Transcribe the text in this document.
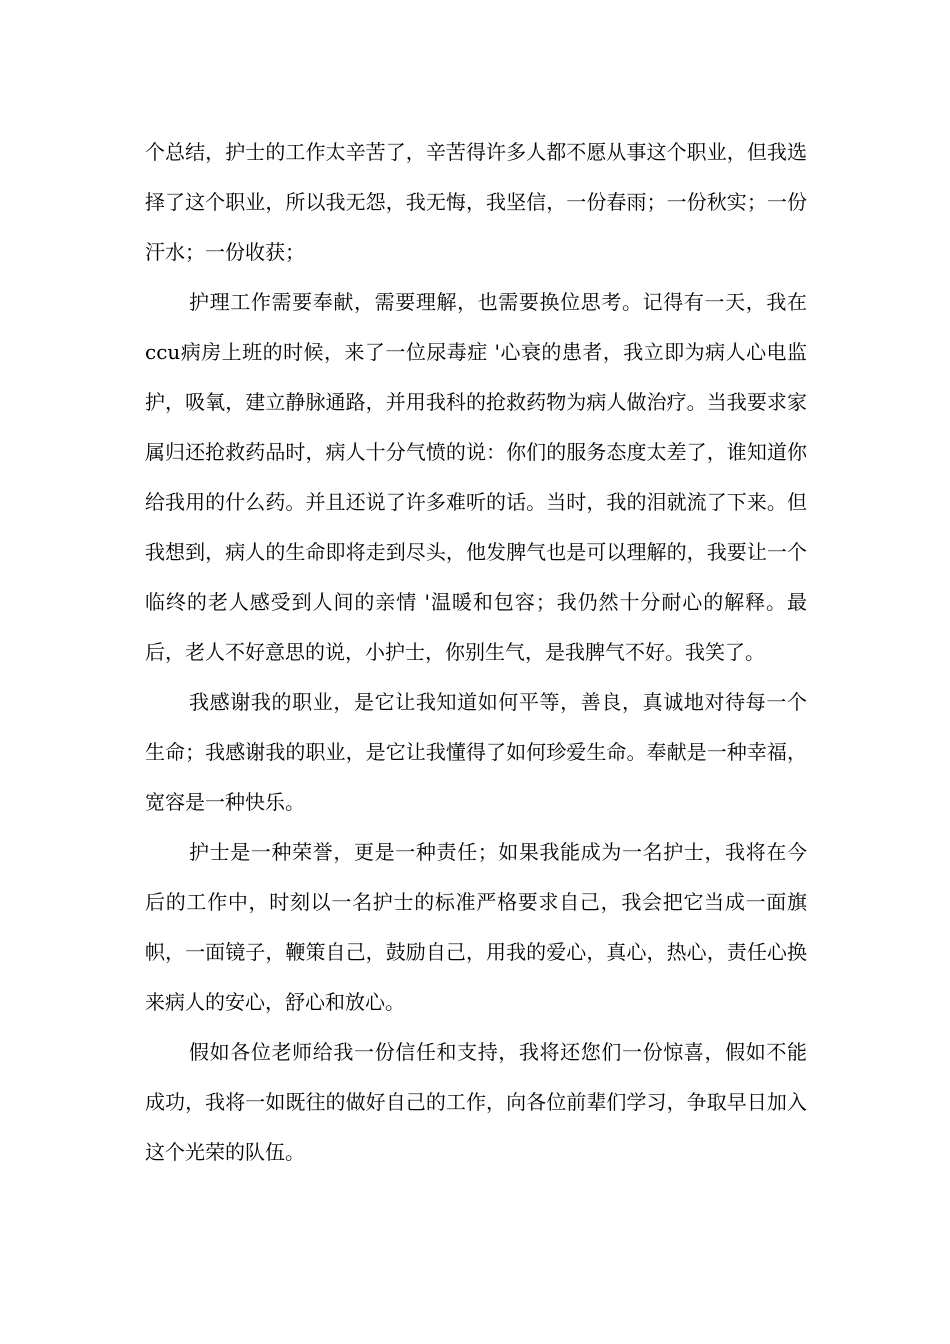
个总结，护士的工作太辛苦了，辛苦得许多人都不愿从事这个职业，但我选择了这个职业，所以我无怨，我无悔，我坚信，一份春雨；一份秋实；一份汗水；一份收获；

护理工作需要奉献，需要理解，也需要换位思考。记得有一天，我在ccu病房上班的时候，来了一位尿毒症 '心衰的患者，我立即为病人心电监护，吸氧，建立静脉通路，并用我科的抢救药物为病人做治疗。当我要求家属归还抢救药品时，病人十分气愤的说：你们的服务态度太差了，谁知道你给我用的什么药。并且还说了许多难听的话。当时，我的泪就流了下来。但我想到，病人的生命即将走到尽头，他发脾气也是可以理解的，我要让一个临终的老人感受到人间的亲情 '温暖和包容；我仍然十分耐心的解释。最后，老人不好意思的说，小护士，你别生气，是我脾气不好。我笑了。

我感谢我的职业，是它让我知道如何平等，善良，真诚地对待每一个生命；我感谢我的职业，是它让我懂得了如何珍爱生命。奉献是一种幸福，宽容是一种快乐。

护士是一种荣誉，更是一种责任；如果我能成为一名护士，我将在今后的工作中，时刻以一名护士的标准严格要求自己，我会把它当成一面旗帜，一面镜子，鞭策自己，鼓励自己，用我的爱心，真心，热心，责任心换来病人的安心，舒心和放心。

假如各位老师给我一份信任和支持，我将还您们一份惊喜，假如不能成功，我将一如既往的做好自己的工作，向各位前辈们学习，争取早日加入这个光荣的队伍。
